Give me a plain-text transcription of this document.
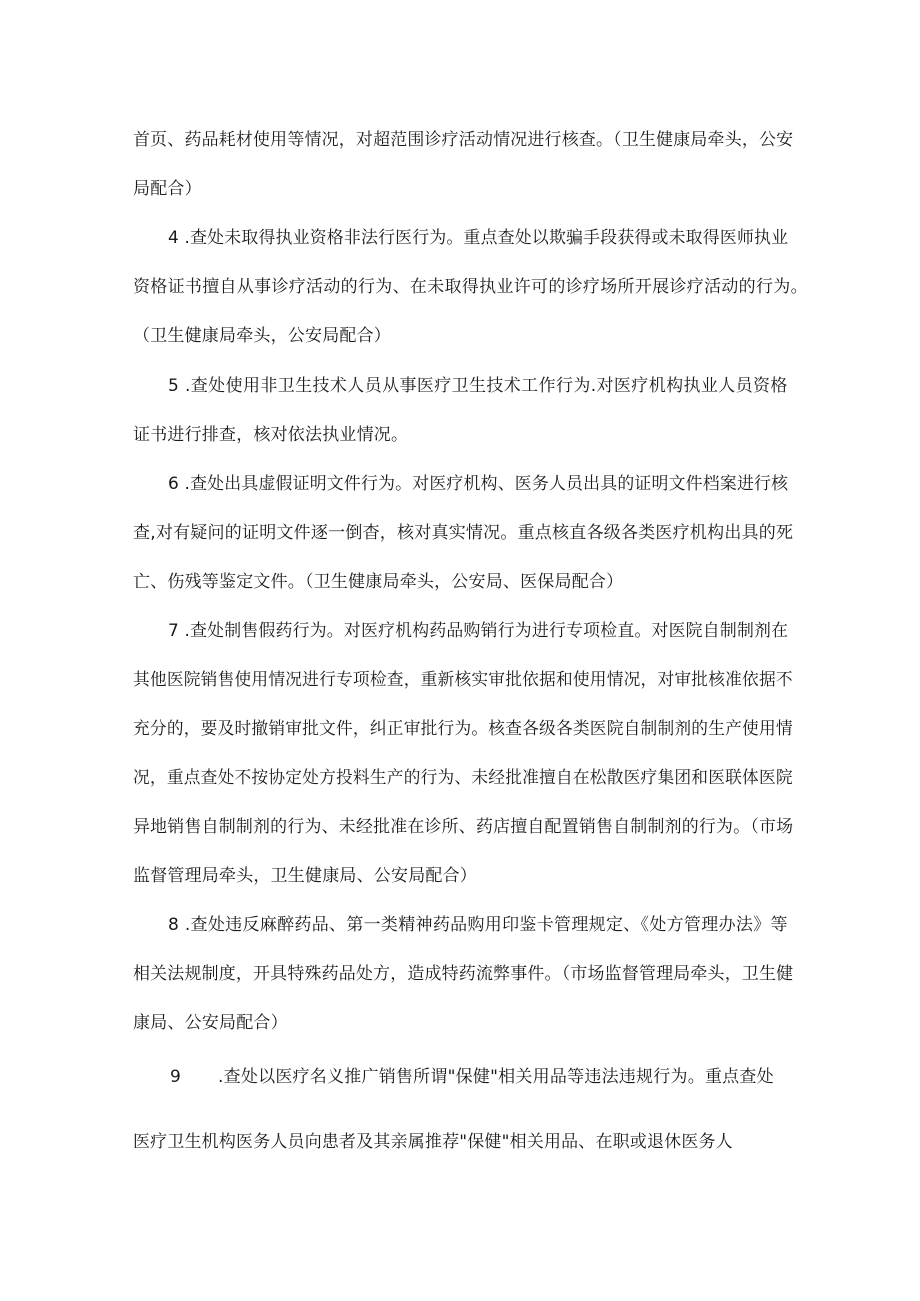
首页、药品耗材使用等情况，对超范围诊疗活动情况进行核查。（卫生健康局牵头，公安
局配合）
4 .查处未取得执业资格非法行医行为。重点查处以欺骗手段获得或未取得医师执业
资格证书擅自从事诊疗活动的行为、在未取得执业许可的诊疗场所开展诊疗活动的行为。
（卫生健康局牵头，公安局配合）
5 .查处使用非卫生技术人员从事医疗卫生技术工作行为.对医疗机构执业人员资格
证书进行排查，核对依法执业情况。
6 .查处出具虚假证明文件行为。对医疗机构、医务人员出具的证明文件档案进行核
查,对有疑问的证明文件逐一倒杳，核对真实情况。重点核直各级各类医疗机构出具的死
亡、伤残等鉴定文件。（卫生健康局牵头，公安局、医保局配合）
7 .查处制售假药行为。对医疗机构药品购销行为进行专项检直。对医院自制制剂在
其他医院销售使用情况进行专项检查，重新核实审批依据和使用情况，对审批核准依据不
充分的，要及时撤销审批文件，纠正审批行为。核查各级各类医院自制制剂的生产使用情
况，重点查处不按协定处方投料生产的行为、未经批准擅自在松散医疗集团和医联体医院
异地销售自制制剂的行为、未经批准在诊所、药店擅自配置销售自制制剂的行为。（市场
监督管理局牵头，卫生健康局、公安局配合）
8 .查处违反麻醉药品、第一类精神药品购用印鉴卡管理规定、《处方管理办法》等
相关法规制度，开具特殊药品处方，造成特药流弊事件。（市场监督管理局牵头，卫生健
康局、公安局配合）
9 .查处以医疗名义推广销售所谓"保健"相关用品等违法违规行为。重点查处
医疗卫生机构医务人员向患者及其亲属推荐"保健"相关用品、在职或退休医务人
